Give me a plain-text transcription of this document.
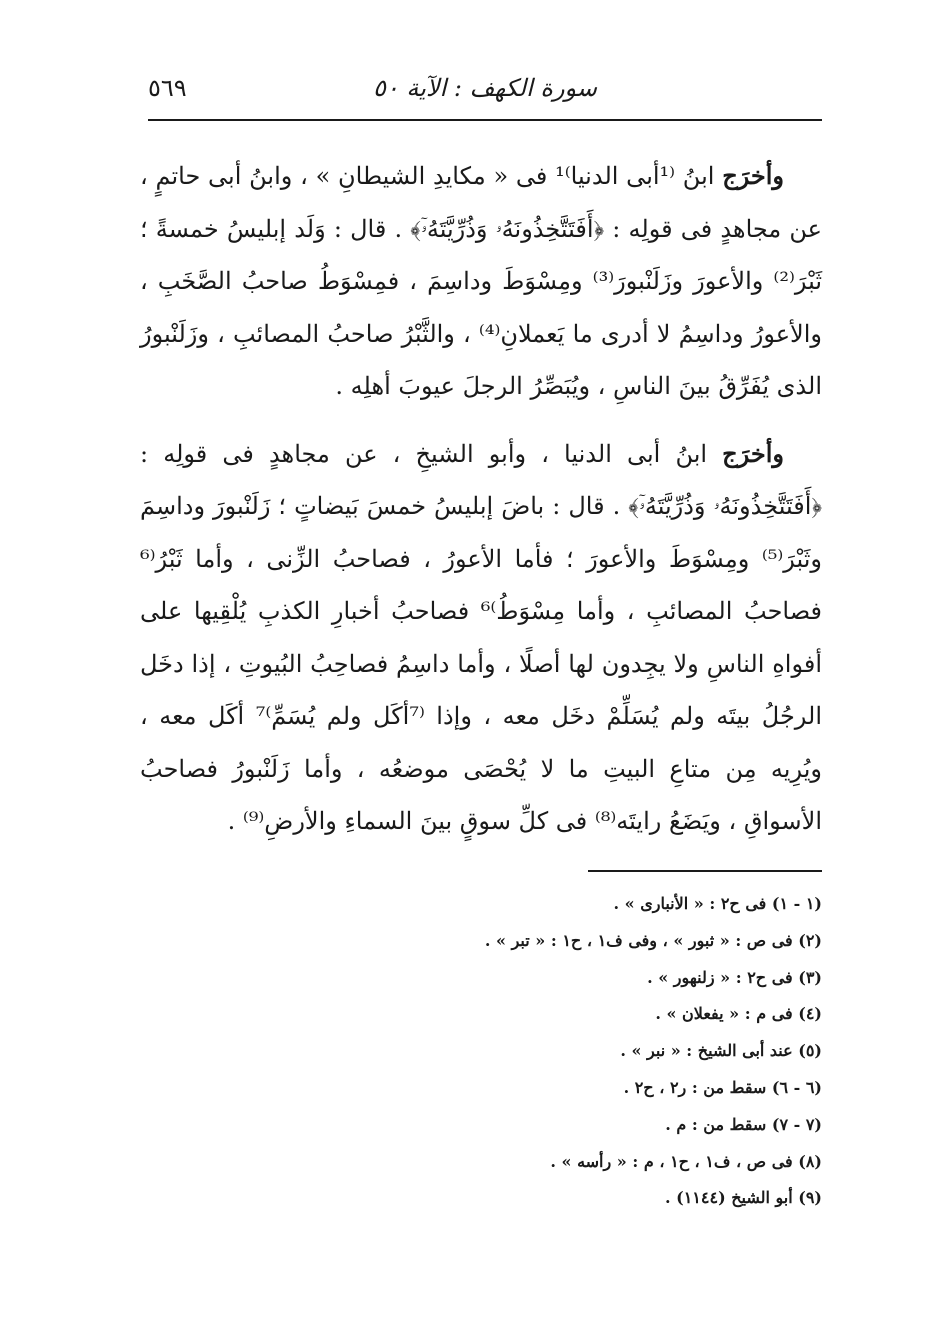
٥٦٩	سورة الكهف : الآية ٥٠

وأخرَج ابنُ ⁽¹أبى الدنيا⁾¹ فى « مكايدِ الشيطانِ » ، وابنُ أبى حاتمٍ ، عن مجاهدٍ فى قولِه : ﴿أَفَتَتَّخِذُونَهُۥ وَذُرِّيَّتَهُۥٓ﴾ . قال : وَلَد إبليسُ خمسةً ؛ ثَبْرَ⁽²⁾ والأعورَ وزَلَنْبورَ⁽³⁾ ومِسْوَطَ وداسِمَ ، فمِسْوَطُ صاحبُ الصَّخَبِ ، والأعورُ وداسِمُ لا أدرى ما يَعملانِ⁽⁴⁾ ، والثَّبْرُ صاحبُ المصائبِ ، وزَلَنْبورُ الذى يُفَرِّقُ بينَ الناسِ ، ويُبَصِّرُ الرجلَ عيوبَ أهلِه .

وأخرَج ابنُ أبى الدنيا ، وأبو الشيخِ ، عن مجاهدٍ فى قولِه : ﴿أَفَتَتَّخِذُونَهُۥ وَذُرِّيَّتَهُۥٓ﴾ . قال : باضَ إبليسُ خمسَ بَيضاتٍ ؛ زَلَنْبورَ وداسِمَ وثَبْرَ⁽⁵⁾ ومِسْوَطَ والأعورَ ؛ فأما الأعورُ ، فصاحبُ الزِّنى ، وأما ثَبْرُ⁽⁶ فصاحبُ المصائبِ ، وأما مِسْوَطُ⁾⁶ فصاحبُ أخبارِ الكذبِ يُلْقِيها على أفواهِ الناسِ ولا يجِدون لها أصلًا ، وأما داسِمُ فصاحِبُ البُيوتِ ، إذا دخَل الرجُلُ بيتَه ولم يُسَلِّمْ دخَل معه ، وإذا ⁽⁷أكَل ولم يُسَمِّ⁾⁷ أكَل معه ، ويُرِيه مِن متاعِ البيتِ ما لا يُحْصَى موضعُه ، وأما زَلَنْبورُ فصاحبُ الأسواقِ ، ويَضَعُ رايتَه⁽⁸⁾ فى كلِّ سوقٍ بينَ السماءِ والأرضِ⁽⁹⁾ .

(١ - ١) فى ح٢ : « الأنبارى » .
(٢) فى ص : « ثبور » ، وفى ف١ ، ح١ : « تبر » .
(٣) فى ح٢ : « زلنهور » .
(٤) فى م : « يفعلان » .
(٥) عند أبى الشيخ : « نبر » .
(٦ - ٦) سقط من : ر٢ ، ح٢ .
(٧ - ٧) سقط من : م .
(٨) فى ص ، ف١ ، ح١ ، م : « رأسه » .
(٩) أبو الشيخ (١١٤٤) .
